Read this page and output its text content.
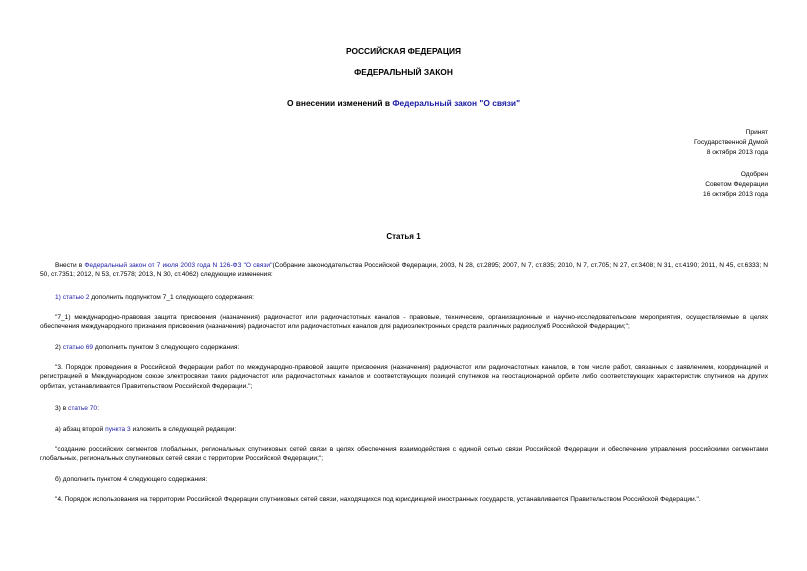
РОССИЙСКАЯ ФЕДЕРАЦИЯ
ФЕДЕРАЛЬНЫЙ ЗАКОН
О внесении изменений в Федеральный закон "О связи"
Принят
Государственной Думой
8 октября 2013 года
Одобрен
Советом Федерации
16 октября 2013 года
Статья 1
Внести в Федеральный закон от 7 июля 2003 года N 126-ФЗ "О связи"(Собрание законодательства Российской Федерации, 2003, N 28, ст.2895; 2007, N 7, ст.835; 2010, N 7, ст.705; N 27, ст.3408; N 31, ст.4190; 2011, N 45, ст.6333; N 50, ст.7351; 2012, N 53, ст.7578; 2013, N 30, ст.4062) следующие изменения:
1) статью 2 дополнить подпунктом 7_1 следующего содержания:
"7_1) международно-правовая защита присвоения (назначения) радиочастот или радиочастотных каналов - правовые, технические, организационные и научно-исследовательские мероприятия, осуществляемые в целях обеспечения международного признания присвоения (назначения) радиочастот или радиочастотных каналов для радиоэлектронных средств различных радиослужб Российской Федерации;";
2) статью 69 дополнить пунктом 3 следующего содержания:
"3. Порядок проведения в Российской Федерации работ по международно-правовой защите присвоения (назначения) радиочастот или радиочастотных каналов, в том числе работ, связанных с заявлением, координацией и регистрацией в Международном союзе электросвязи таких радиочастот или радиочастотных каналов и соответствующих позиций спутников на геостационарной орбите либо соответствующих характеристик спутников на других орбитах, устанавливается Правительством Российской Федерации.";
3) в статье 70:
а) абзац второй пункта 3 изложить в следующей редакции:
"создание российских сегментов глобальных, региональных спутниковых сетей связи в целях обеспечения взаимодействия с единой сетью связи Российской Федерации и обеспечение управления российскими сегментами глобальных, региональных спутниковых сетей связи с территории Российской Федерации;";
б) дополнить пунктом 4 следующего содержания:
"4. Порядок использования на территории Российской Федерации спутниковых сетей связи, находящихся под юрисдикцией иностранных государств, устанавливается Правительством Российской Федерации.".
